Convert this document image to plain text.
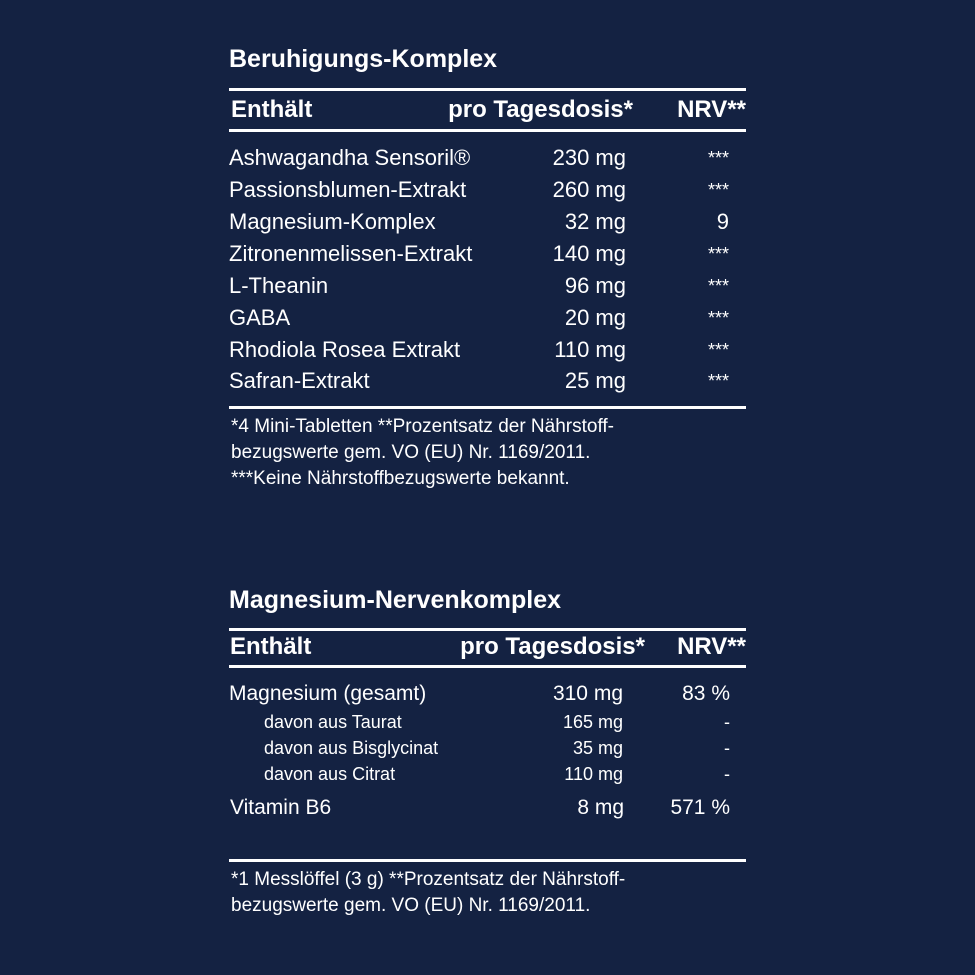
Beruhigungs-Komplex
Enthält	pro Tagesdosis* NRV**
Ashwagandha Sensoril®	230 mg	***
Passionsblumen-Extrakt	260 mg	***
Magnesium-Komplex	32 mg	9
Zitronenmelissen-Extrakt	140 mg	***
L-Theanin	96 mg	***
GABA	20 mg	***
Rhodiola Rosea Extrakt	110 mg	***
Safran-Extrakt	25 mg	***

*4 Mini-Tabletten **Prozentsatz der Nährstoff-

bezugswerte gem. VO (EU) Nr. 1169/2011.

***Keine Nährstoffbezugswerte bekannt.

Magnesium-Nervenkomplex
Enthält	pro Tagesdosis* NRV**
Magnesium (gesamt)	310 mg	83 %
davon aus Taurat	165 mg	-
davon aus Bisglycinat	35 mg	-
davon aus Citrat	110 mg	-
Vitamin B6	8 mg 571 %

*1 Messlöffel (3 g) **Prozentsatz der Nährstoff-

bezugswerte gem. VO (EU) Nr. 1169/2011.
